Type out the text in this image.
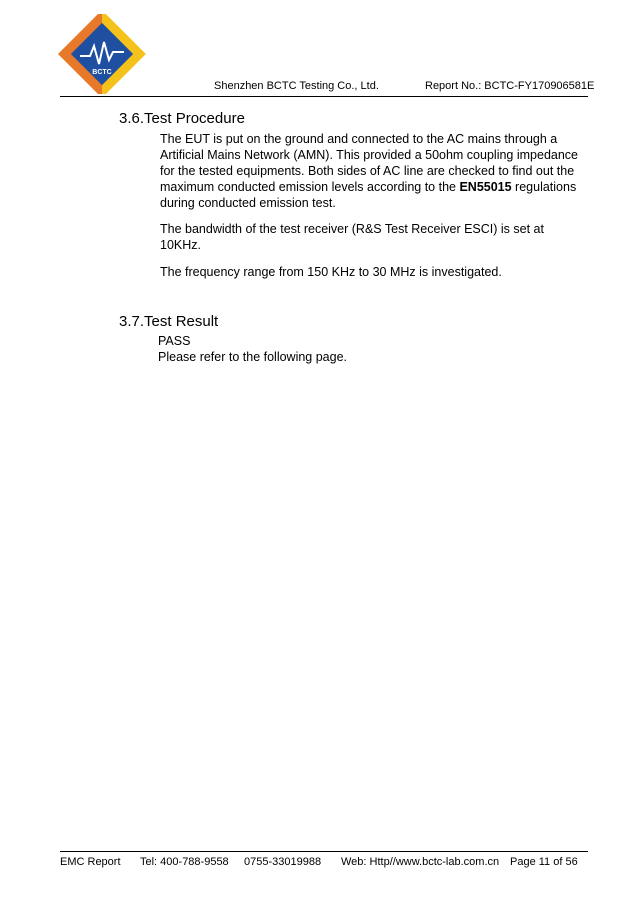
BCTC
Shenzhen BCTC Testing Co., Ltd.	Report No.: BCTC-FY170906581E
3.6.Test Procedure
The EUT is put on the ground and connected to the AC mains through a
Artificial Mains Network (AMN). This provided a 50ohm coupling impedance
for the tested equipments. Both sides of AC line are checked to find out the
maximum conducted emission levels according to the EN55015 regulations
during conducted emission test.
The bandwidth of the test receiver (R&S Test Receiver ESCI) is set at
10KHz.
The frequency range from 150 KHz to 30 MHz is investigated.
3.7.Test Result
PASS
Please refer to the following page.
EMC Report Tel: 400-788-9558 0755-33019988 Web: Http//www.bctc-lab.com.cn Page 11 of 56
